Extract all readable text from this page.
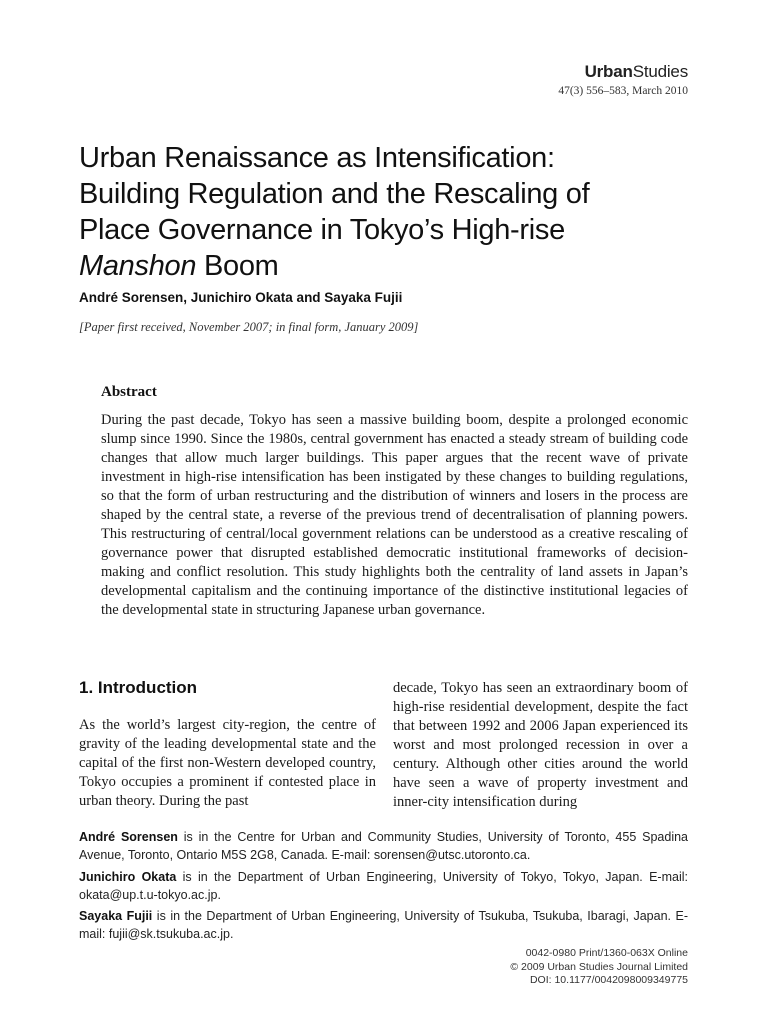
UrbanStudies
47(3) 556–583, March 2010
Urban Renaissance as Intensification:
Building Regulation and the Rescaling of
Place Governance in Tokyo’s High-rise
Manshon Boom
André Sorensen, Junichiro Okata and Sayaka Fujii
[Paper first received, November 2007; in final form, January 2009]
Abstract

During the past decade, Tokyo has seen a massive building boom, despite a prolonged economic slump since 1990. Since the 1980s, central government has enacted a steady stream of building code changes that allow much larger buildings. This paper argues that the recent wave of private investment in high-rise intensification has been instigated by these changes to building regulations, so that the form of urban restructuring and the distribution of winners and losers in the process are shaped by the central state, a reverse of the previous trend of decentralisation of planning powers. This restructuring of central/local government relations can be understood as a creative rescaling of governance power that disrupted established democratic institutional frameworks of decision-making and conflict resolution. This study highlights both the centrality of land assets in Japan’s developmental capitalism and the continuing importance of the distinctive institutional legacies of the developmental state in structuring Japanese urban governance.

1. Introduction

As the world’s largest city-region, the centre of gravity of the leading developmental state and the capital of the first non-Western developed country, Tokyo occupies a prominent if contested place in urban theory. During the past

decade, Tokyo has seen an extraordinary boom of high-rise residential development, despite the fact that between 1992 and 2006 Japan experienced its worst and most prolonged recession in over a century. Although other cities around the world have seen a wave of property investment and inner-city intensification during

André Sorensen is in the Centre for Urban and Community Studies, University of Toronto, 455 Spadina Avenue, Toronto, Ontario M5S 2G8, Canada. E-mail: sorensen@utsc.utoronto.ca.

Junichiro Okata is in the Department of Urban Engineering, University of Tokyo, Tokyo, Japan. E-mail: okata@up.t.u-tokyo.ac.jp.

Sayaka Fujii is in the Department of Urban Engineering, University of Tsukuba, Tsukuba, Ibaragi, Japan. E-mail: fujii@sk.tsukuba.ac.jp.

0042-0980 Print/1360-063X Online
© 2009 Urban Studies Journal Limited
DOI: 10.1177/0042098009349775
